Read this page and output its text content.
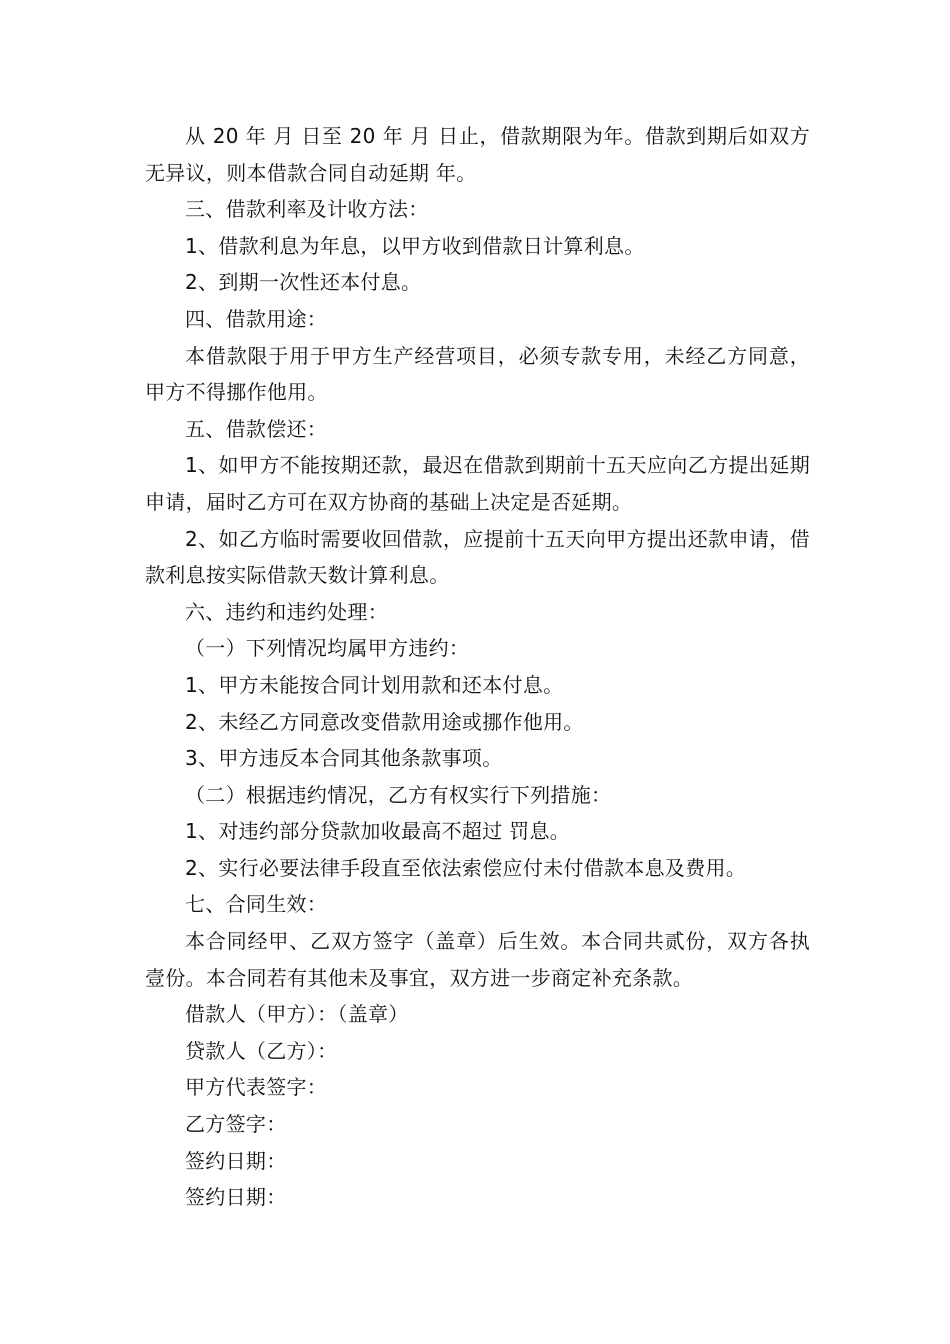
从 20 年 月 日至 20 年 月 日止，借款期限为年。借款到期后如双方无异议，则本借款合同自动延期 年。

三、借款利率及计收方法：

1、借款利息为年息，以甲方收到借款日计算利息。

2、到期一次性还本付息。

四、借款用途：

本借款限于用于甲方生产经营项目，必须专款专用，未经乙方同意，甲方不得挪作他用。

五、借款偿还：

1、如甲方不能按期还款，最迟在借款到期前十五天应向乙方提出延期申请，届时乙方可在双方协商的基础上决定是否延期。

2、如乙方临时需要收回借款，应提前十五天向甲方提出还款申请，借款利息按实际借款天数计算利息。

六、违约和违约处理：

（一）下列情况均属甲方违约：

1、甲方未能按合同计划用款和还本付息。

2、未经乙方同意改变借款用途或挪作他用。

3、甲方违反本合同其他条款事项。

（二）根据违约情况，乙方有权实行下列措施：

1、对违约部分贷款加收最高不超过 罚息。

2、实行必要法律手段直至依法索偿应付未付借款本息及费用。

七、合同生效：

本合同经甲、乙双方签字（盖章）后生效。本合同共贰份，双方各执壹份。本合同若有其他未及事宜，双方进一步商定补充条款。

借款人（甲方）：（盖章）

贷款人（乙方）：

甲方代表签字：

乙方签字：

签约日期：

签约日期：
